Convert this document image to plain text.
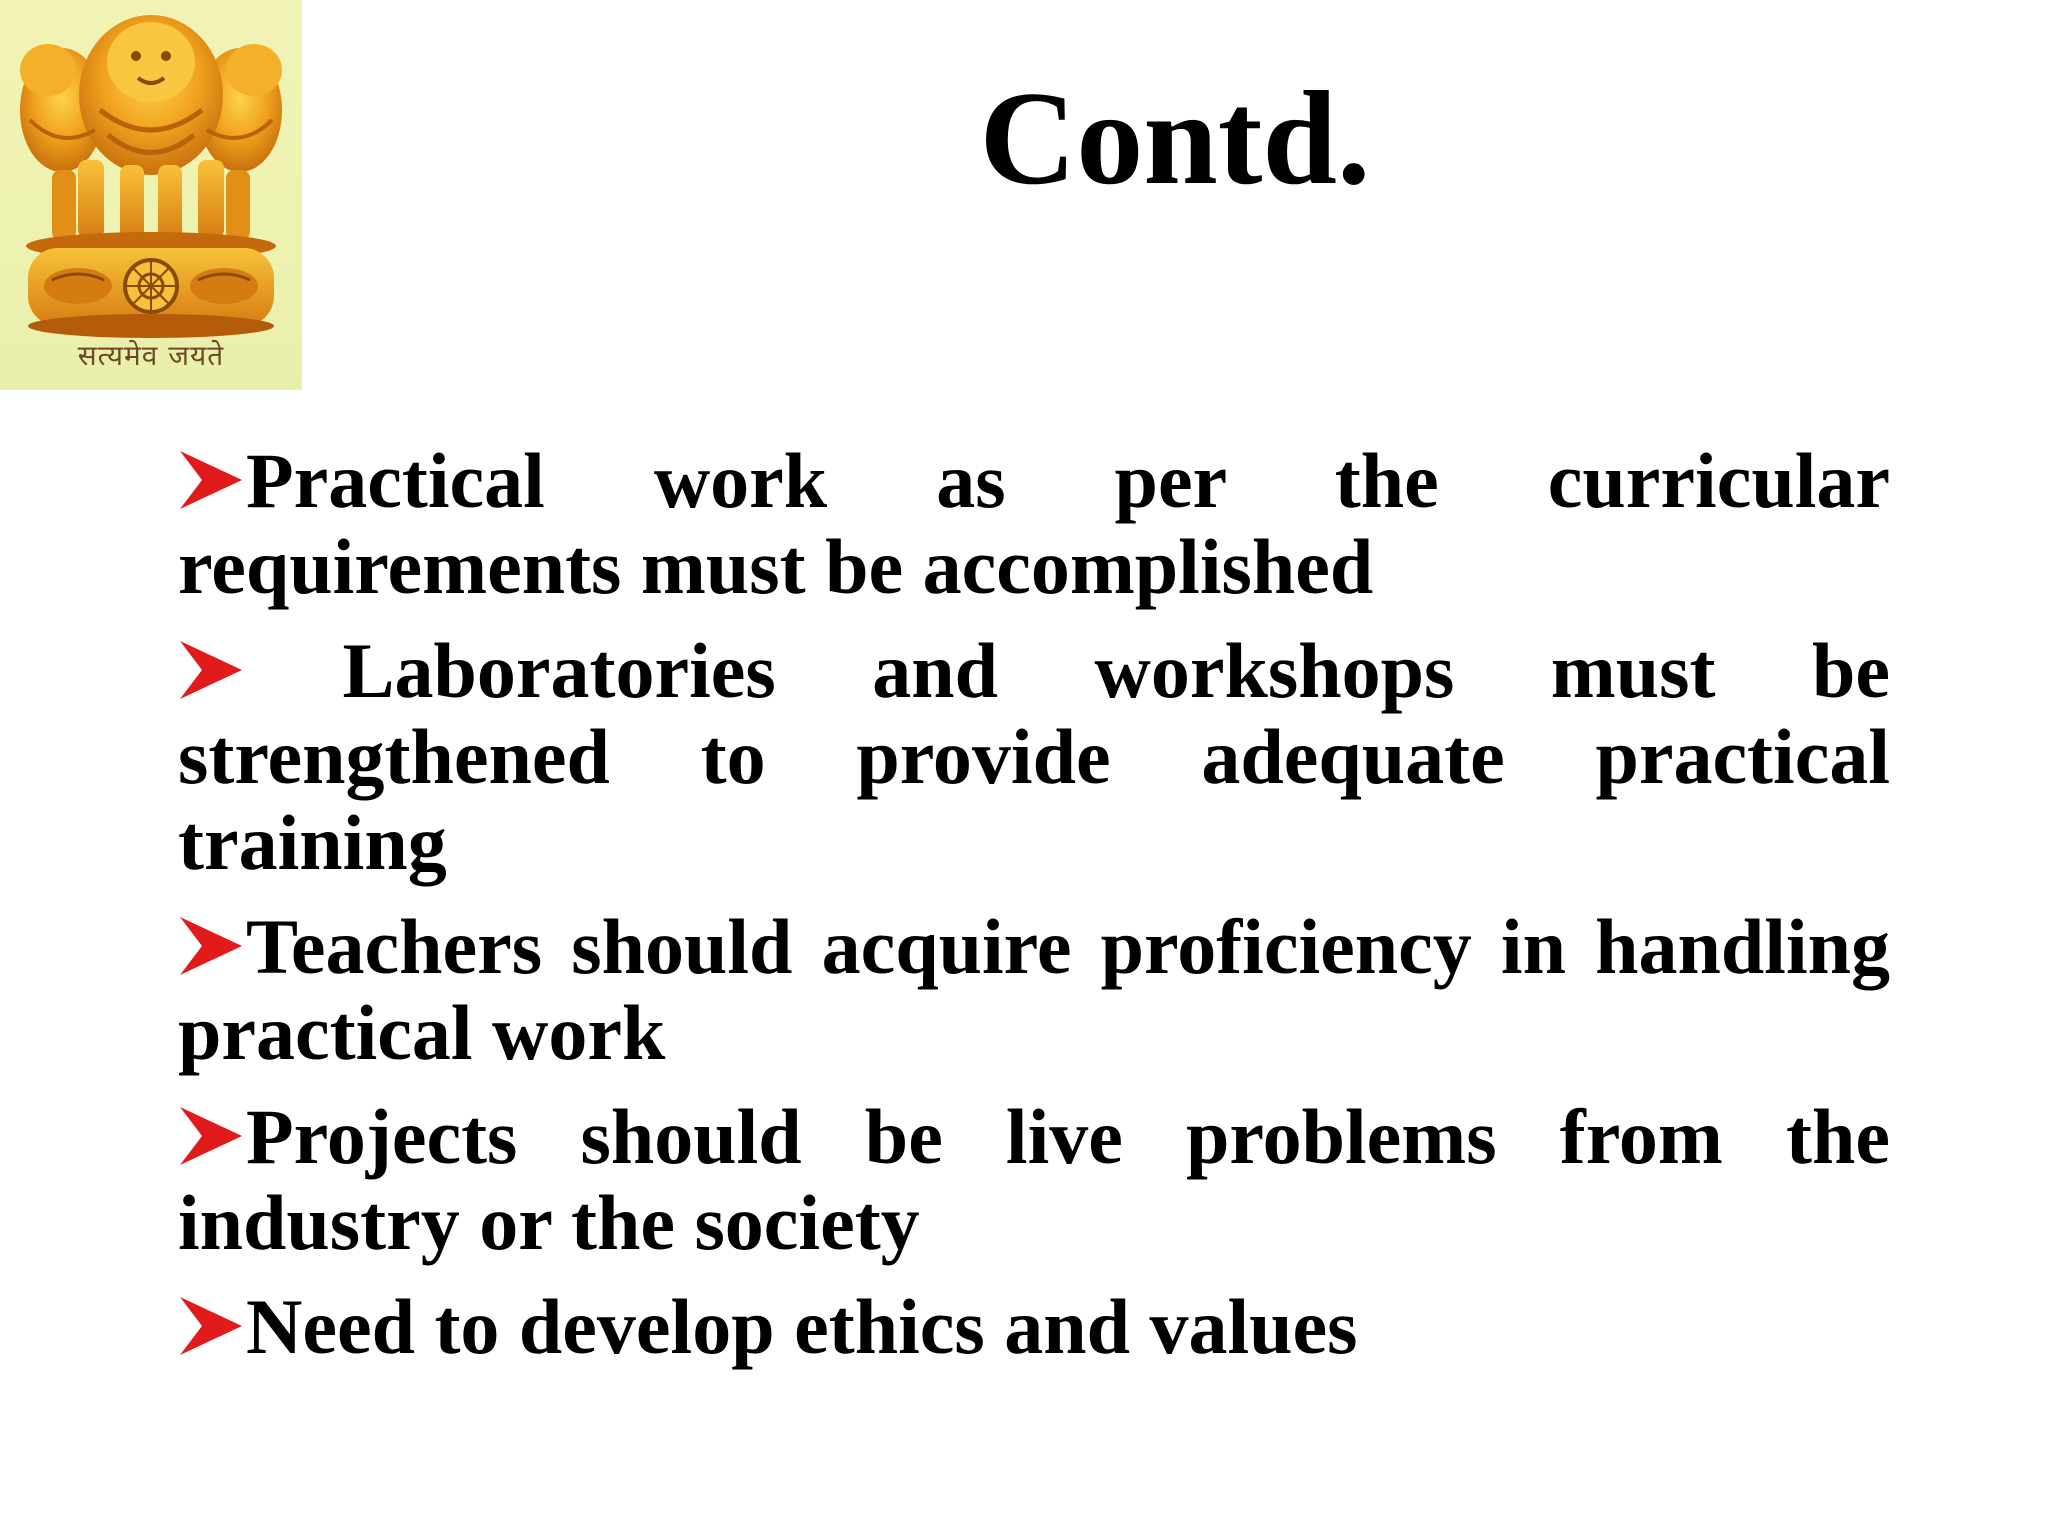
सत्यमेव जयते
Contd.
Practical work as per the curricular requirements must be accomplished
Laboratories and workshops must be strengthened to provide adequate practical training
Teachers should acquire proficiency in handling practical work
Projects should be live problems from the industry or the society
Need to develop ethics and values
